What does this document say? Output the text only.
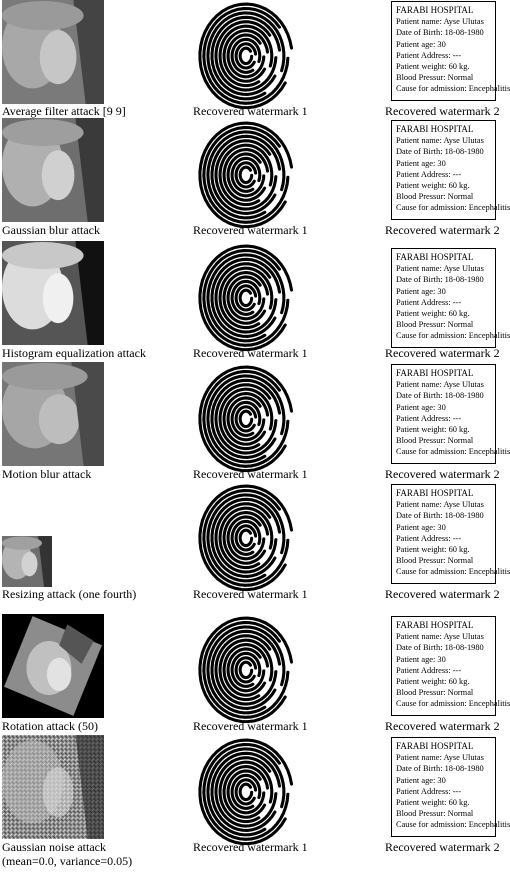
Average filter attack [9 9]	Recovered watermark 1
FARABI HOSPITAL
Patient name: Ayse Ulutas
Date of Birth: 18-08-1980
Patient age: 30
Patient Address: ---
Patient weight: 60 kg.
Blood Pressur: Normal
Cause for admission: Encephalitis
Recovered watermark 2
Gaussian blur attack	Recovered watermark 1
FARABI HOSPITAL
Patient name: Ayse Ulutas
Date of Birth: 18-08-1980
Patient age: 30
Patient Address: ---
Patient weight: 60 kg.
Blood Pressur: Normal
Cause for admission: Encephalitis
Recovered watermark 2
Histogram equalization attack	Recovered watermark 1
FARABI HOSPITAL
Patient name: Ayse Ulutas
Date of Birth: 18-08-1980
Patient age: 30
Patient Address: ---
Patient weight: 60 kg.
Blood Pressur: Normal
Cause for admission: Encephalitis
Recovered watermark 2
Motion blur attack	Recovered watermark 1
FARABI HOSPITAL
Patient name: Ayse Ulutas
Date of Birth: 18-08-1980
Patient age: 30
Patient Address: ---
Patient weight: 60 kg.
Blood Pressur: Normal
Cause for admission: Encephalitis
Recovered watermark 2
Resizing attack (one fourth)	Recovered watermark 1
FARABI HOSPITAL
Patient name: Ayse Ulutas
Date of Birth: 18-08-1980
Patient age: 30
Patient Address: ---
Patient weight: 60 kg.
Blood Pressur: Normal
Cause for admission: Encephalitis
Recovered watermark 2
Rotation attack (50)	Recovered watermark 1
FARABI HOSPITAL
Patient name: Ayse Ulutas
Date of Birth: 18-08-1980
Patient age: 30
Patient Address: ---
Patient weight: 60 kg.
Blood Pressur: Normal
Cause for admission: Encephalitis
Recovered watermark 2
Gaussian noise attack
(mean=0.0, variance=0.05)
Recovered watermark 1
FARABI HOSPITAL
Patient name: Ayse Ulutas
Date of Birth: 18-08-1980
Patient age: 30
Patient Address: ---
Patient weight: 60 kg.
Blood Pressur: Normal
Cause for admission: Encephalitis
Recovered watermark 2
